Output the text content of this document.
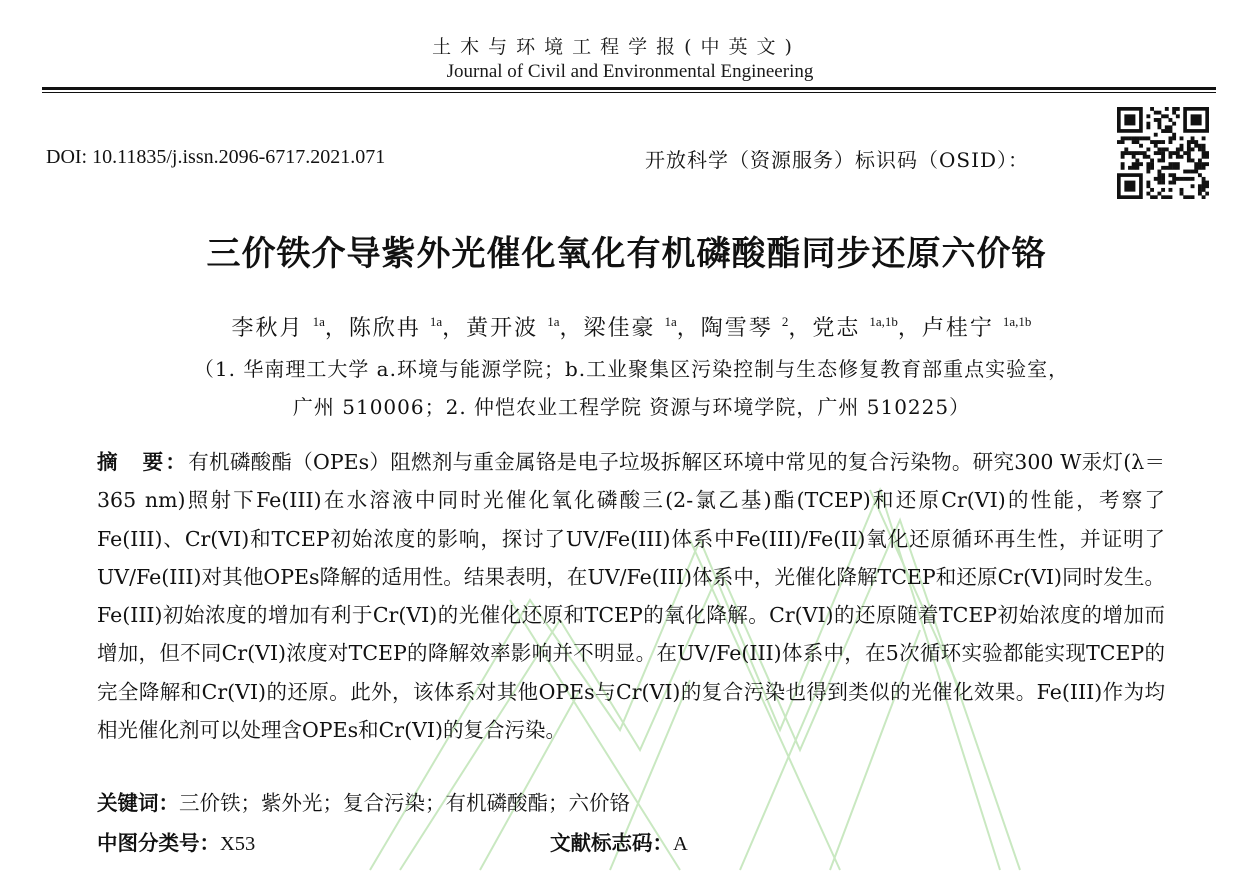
土木与环境工程学报(中英文)
Journal of Civil and Environmental Engineering
DOI: 10.11835/j.issn.2096-6717.2021.071	开放科学（资源服务）标识码（OSID）：
三价铁介导紫外光催化氧化有机磷酸酯同步还原六价铬
李秋月 $^{1a}$，陈欣冉 $^{1a}$，黄开波 $^{1a}$，梁佳豪 $^{1a}$，陶雪琴 $^2$，党志 $^{1a,1b}$，卢桂宁 $^{1a,1b}$
（1. 华南理工大学 a.环境与能源学院；b.工业聚集区污染控制与生态修复教育部重点实验室，
广州 510006；2. 仲恺农业工程学院 资源与环境学院，广州 510225）
摘　要：有机磷酸酯（OPEs）阻燃剂与重金属铬是电子垃圾拆解区环境中常见的复合污染物。研究300 W汞灯(λ＝365 nm)照射下Fe(III)在水溶液中同时光催化氧化磷酸三(2-氯乙基)酯(TCEP)和还原Cr(VI)的性能，考察了Fe(III)、Cr(VI)和TCEP初始浓度的影响，探讨了UV/Fe(III)体系中Fe(III)/Fe(II)氧化还原循环再生性，并证明了UV/Fe(III)对其他OPEs降解的适用性。结果表明，在UV/Fe(III)体系中，光催化降解TCEP和还原Cr(VI)同时发生。Fe(III)初始浓度的增加有利于Cr(VI)的光催化还原和TCEP的氧化降解。Cr(VI)的还原随着TCEP初始浓度的增加而增加，但不同Cr(VI)浓度对TCEP的降解效率影响并不明显。在UV/Fe(III)体系中，在5次循环实验都能实现TCEP的完全降解和Cr(VI)的还原。此外，该体系对其他OPEs与Cr(VI)的复合污染也得到类似的光催化效果。Fe(III)作为均相光催化剂可以处理含OPEs和Cr(VI)的复合污染。
关键词：三价铁；紫外光；复合污染；有机磷酸酯；六价铬
中图分类号：X53	文献标志码：A
